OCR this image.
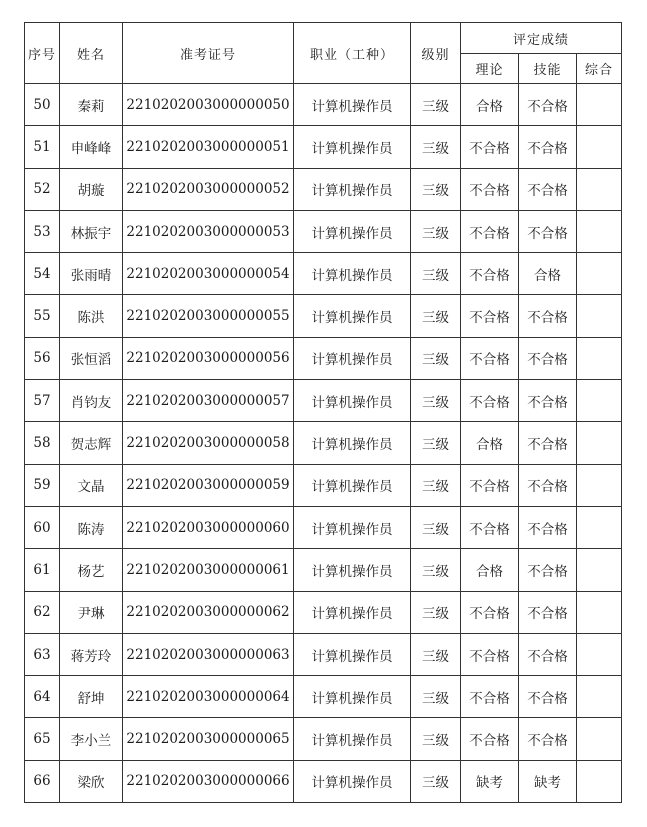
序号	姓名	准考证号	职业（工种）	级别	评定成绩		
					理论	技能	综合
50	秦莉	2210202003000000050	计算机操作员	三级	合格	不合格	
51	申峰峰	2210202003000000051	计算机操作员	三级	不合格	不合格	
52	胡璇	2210202003000000052	计算机操作员	三级	不合格	不合格	
53	林振宇	2210202003000000053	计算机操作员	三级	不合格	不合格	
54	张雨晴	2210202003000000054	计算机操作员	三级	不合格	合格	
55	陈洪	2210202003000000055	计算机操作员	三级	不合格	不合格	
56	张恒滔	2210202003000000056	计算机操作员	三级	不合格	不合格	
57	肖钧友	2210202003000000057	计算机操作员	三级	不合格	不合格	
58	贺志辉	2210202003000000058	计算机操作员	三级	合格	不合格	
59	文晶	2210202003000000059	计算机操作员	三级	不合格	不合格	
60	陈涛	2210202003000000060	计算机操作员	三级	不合格	不合格	
61	杨艺	2210202003000000061	计算机操作员	三级	合格	不合格	
62	尹琳	2210202003000000062	计算机操作员	三级	不合格	不合格	
63	蒋芳玲	2210202003000000063	计算机操作员	三级	不合格	不合格	
64	舒坤	2210202003000000064	计算机操作员	三级	不合格	不合格	
65	李小兰	2210202003000000065	计算机操作员	三级	不合格	不合格	
66	梁欣	2210202003000000066	计算机操作员	三级	缺考	缺考	
